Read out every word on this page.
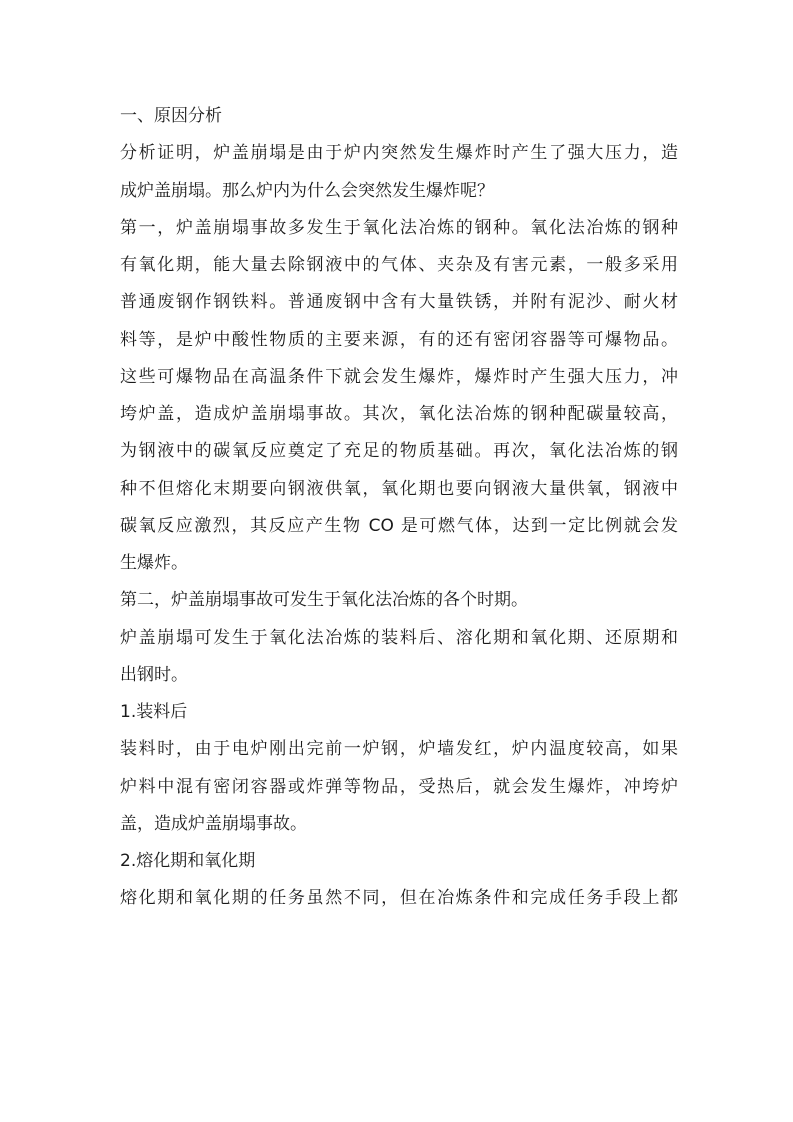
一、原因分析
分析证明，炉盖崩塌是由于炉内突然发生爆炸时产生了强大压力，造
成炉盖崩塌。那么炉内为什么会突然发生爆炸呢？
第一，炉盖崩塌事故多发生于氧化法冶炼的钢种。氧化法冶炼的钢种
有氧化期，能大量去除钢液中的气体、夹杂及有害元素，一般多采用
普通废钢作钢铁料。普通废钢中含有大量铁锈，并附有泥沙、耐火材
料等，是炉中酸性物质的主要来源，有的还有密闭容器等可爆物品。
这些可爆物品在高温条件下就会发生爆炸，爆炸时产生强大压力，冲
垮炉盖，造成炉盖崩塌事故。其次，氧化法冶炼的钢种配碳量较高，
为钢液中的碳氧反应奠定了充足的物质基础。再次，氧化法冶炼的钢
种不但熔化末期要向钢液供氧，氧化期也要向钢液大量供氧，钢液中
碳氧反应激烈，其反应产生物 CO 是可燃气体，达到一定比例就会发
生爆炸。
第二，炉盖崩塌事故可发生于氧化法冶炼的各个时期。
炉盖崩塌可发生于氧化法冶炼的装料后、溶化期和氧化期、还原期和
出钢时。
1.装料后
装料时，由于电炉刚出完前一炉钢，炉墙发红，炉内温度较高，如果
炉料中混有密闭容器或炸弹等物品，受热后，就会发生爆炸，冲垮炉
盖，造成炉盖崩塌事故。
2.熔化期和氧化期
熔化期和氧化期的任务虽然不同，但在冶炼条件和完成任务手段上都
